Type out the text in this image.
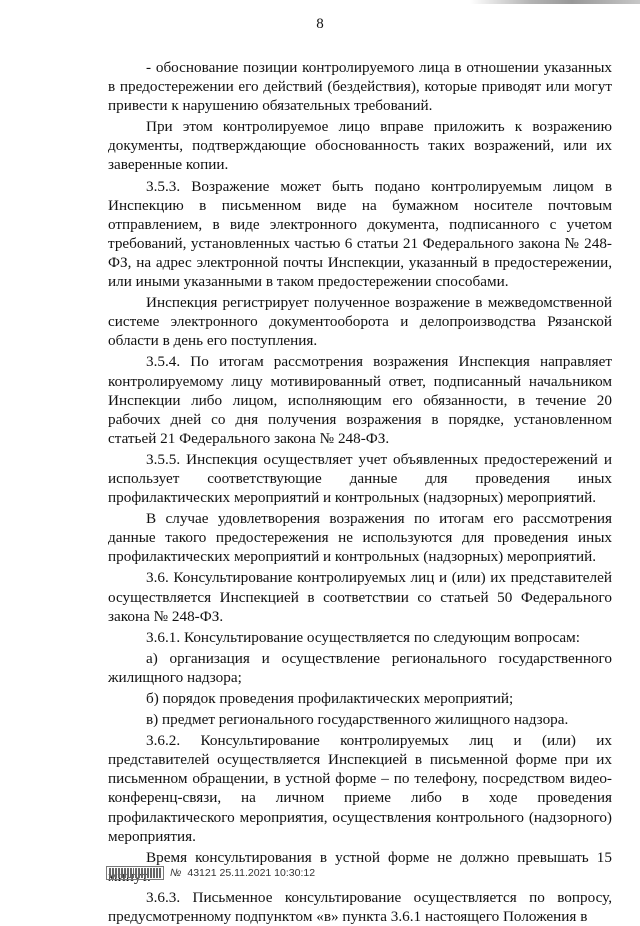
8

- обоснование позиции контролируемого лица в отношении указанных в предостережении его действий (бездействия), которые приводят или могут привести к нарушению обязательных требований.

При этом контролируемое лицо вправе приложить к возражению документы, подтверждающие обоснованность таких возражений, или их заверенные копии.

3.5.3. Возражение может быть подано контролируемым лицом в Инспекцию в письменном виде на бумажном носителе почтовым отправлением, в виде электронного документа, подписанного с учетом требований, установленных частью 6 статьи 21 Федерального закона № 248-ФЗ, на адрес электронной почты Инспекции, указанный в предостережении, или иными указанными в таком предостережении способами.

Инспекция регистрирует полученное возражение в межведомственной системе электронного документооборота и делопроизводства Рязанской области в день его поступления.

3.5.4. По итогам рассмотрения возражения Инспекция направляет контролируемому лицу мотивированный ответ, подписанный начальником Инспекции либо лицом, исполняющим его обязанности, в течение 20 рабочих дней со дня получения возражения в порядке, установленном статьей 21 Федерального закона № 248-ФЗ.

3.5.5. Инспекция осуществляет учет объявленных предостережений и использует соответствующие данные для проведения иных профилактических мероприятий и контрольных (надзорных) мероприятий.

В случае удовлетворения возражения по итогам его рассмотрения данные такого предостережения не используются для проведения иных профилактических мероприятий и контрольных (надзорных) мероприятий.

3.6. Консультирование контролируемых лиц и (или) их представителей осуществляется Инспекцией в соответствии со статьей 50 Федерального закона № 248-ФЗ.

3.6.1. Консультирование осуществляется по следующим вопросам:

а) организация и осуществление регионального государственного жилищного надзора;

б) порядок проведения профилактических мероприятий;

в) предмет регионального государственного жилищного надзора.

3.6.2. Консультирование контролируемых лиц и (или) их представителей осуществляется Инспекцией в письменной форме при их письменном обращении, в устной форме – по телефону, посредством видео-конференц-связи, на личном приеме либо в ходе проведения профилактического мероприятия, осуществления контрольного (надзорного) мероприятия.

Время консультирования в устной форме не должно превышать 15

3.6.3. Письменное консультирование осуществляется по вопросу, предусмотренному подпунктом «в» пункта 3.6.1 настоящего Положения в

№ 43121 25.11.2021 10:30:12
